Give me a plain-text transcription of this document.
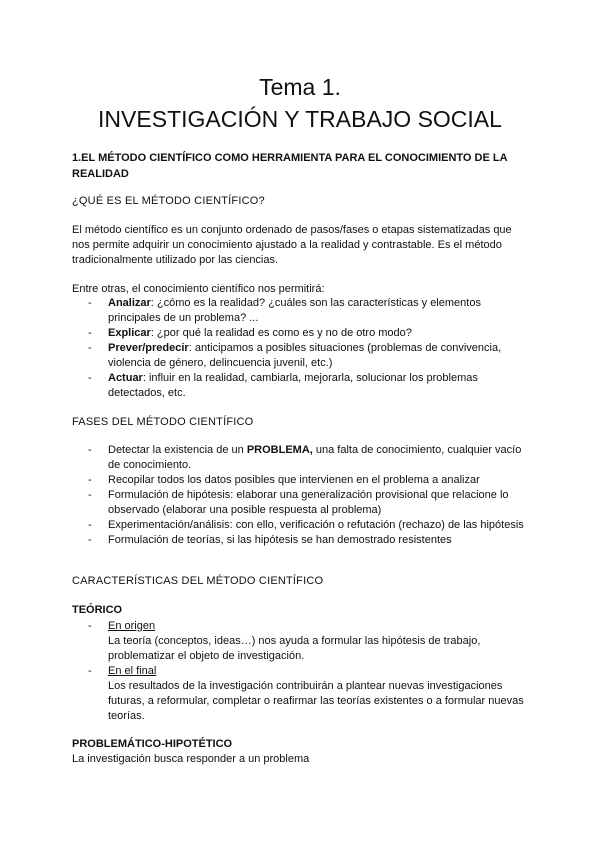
Tema 1.
INVESTIGACIÓN Y TRABAJO SOCIAL
1.EL MÉTODO CIENTÍFICO COMO HERRAMIENTA PARA EL CONOCIMIENTO DE LA REALIDAD
¿QUÉ ES EL MÉTODO CIENTÍFICO?

El método científico es un conjunto ordenado de pasos/fases o etapas sistematizadas que nos permite adquirir un conocimiento ajustado a la realidad y contrastable. Es el método tradicionalmente utilizado por las ciencias.

Entre otras, el conocimiento científico nos permitirá:

- Analizar: ¿cómo es la realidad? ¿cuáles son las características y elementos principales de un problema? ...
- Explicar: ¿por qué la realidad es como es y no de otro modo?
- Prever/predecir: anticipamos a posibles situaciones (problemas de convivencia, violencia de género, delincuencia juvenil, etc.)
- Actuar: influir en la realidad, cambiarla, mejorarla, solucionar los problemas detectados, etc.
FASES DEL MÉTODO CIENTÍFICO
- Detectar la existencia de un PROBLEMA, una falta de conocimiento, cualquier vacío de conocimiento.
- Recopilar todos los datos posibles que intervienen en el problema a analizar
- Formulación de hipótesis: elaborar una generalización provisional que relacione lo observado (elaborar una posible respuesta al problema)
- Experimentación/análisis: con ello, verificación o refutación (rechazo) de las hipótesis
- Formulación de teorías, si las hipótesis se han demostrado resistentes
CARACTERÍSTICAS DEL MÉTODO CIENTÍFICO
TEÓRICO
- En origen
La teoría (conceptos, ideas…) nos ayuda a formular las hipótesis de trabajo, problematizar el objeto de investigación.
- En el final
Los resultados de la investigación contribuirán a plantear nuevas investigaciones futuras, a reformular, completar o reafirmar las teorías existentes o a formular nuevas teorías.
PROBLEMÁTICO-HIPOTÉTICO

La investigación busca responder a un problema
